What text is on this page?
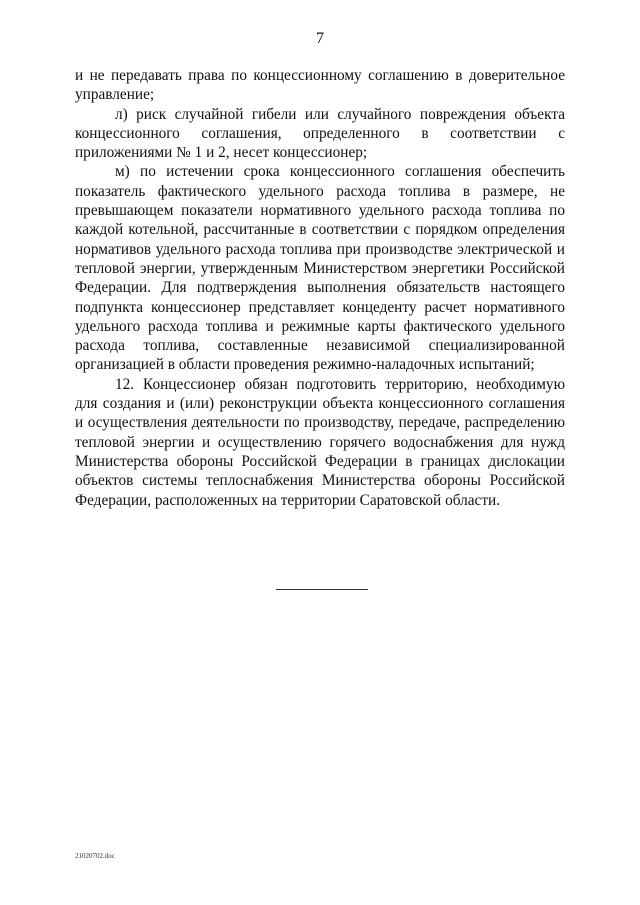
7

и не передавать права по концессионному соглашению в доверительное управление;

л) риск случайной гибели или случайного повреждения объекта концессионного соглашения, определенного в соответствии с приложениями № 1 и 2, несет концессионер;

м) по истечении срока концессионного соглашения обеспечить показатель фактического удельного расхода топлива в размере, не превышающем показатели нормативного удельного расхода топлива по каждой котельной, рассчитанные в соответствии с порядком определения нормативов удельного расхода топлива при производстве электрической и тепловой энергии, утвержденным Министерством энергетики Российской Федерации. Для подтверждения выполнения обязательств настоящего подпункта концессионер представляет концеденту расчет нормативного удельного расхода топлива и режимные карты фактического удельного расхода топлива, составленные независимой специализированной организацией в области проведения режимно-наладочных испытаний;

12. Концессионер обязан подготовить территорию, необходимую для создания и (или) реконструкции объекта концессионного соглашения и осуществления деятельности по производству, передаче, распределению тепловой энергии и осуществлению горячего водоснабжения для нужд Министерства обороны Российской Федерации в границах дислокации объектов системы теплоснабжения Министерства обороны Российской Федерации, расположенных на территории Саратовской области.

21020702.doc
